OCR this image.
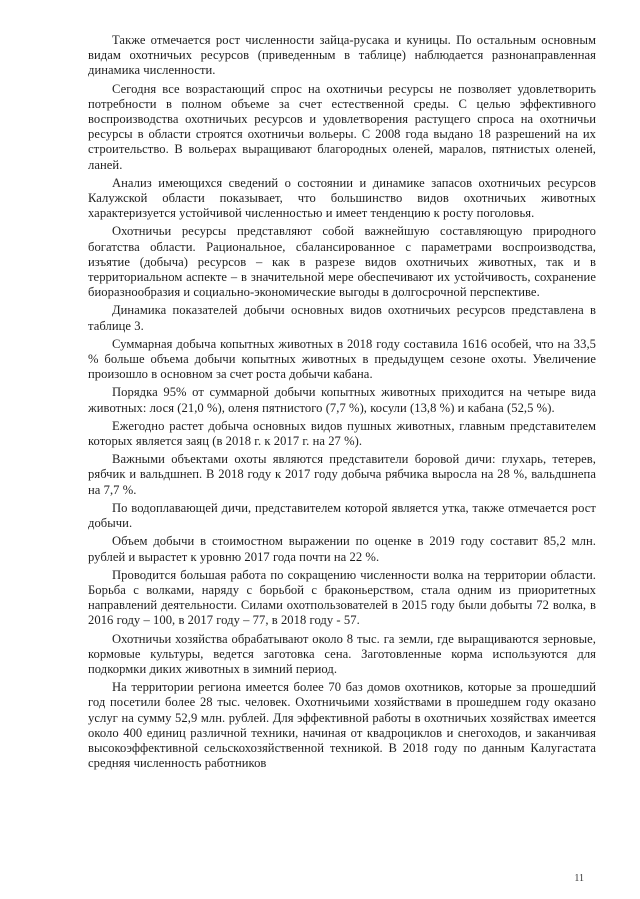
Также отмечается рост численности зайца-русака и куницы. По остальным основным видам охотничьих ресурсов (приведенным в таблице) наблюдается разнонаправленная динамика численности.

Сегодня все возрастающий спрос на охотничьи ресурсы не позволяет удовлетворить потребности в полном объеме за счет естественной среды. С целью эффективного воспроизводства охотничьих ресурсов и удовлетворения растущего спроса на охотничьи ресурсы в области строятся охотничьи вольеры. С 2008 года выдано 18 разрешений на их строительство. В вольерах выращивают благородных оленей, маралов, пятнистых оленей, ланей.

Анализ имеющихся сведений о состоянии и динамике запасов охотничьих ресурсов Калужской области показывает, что большинство видов охотничьих животных характеризуется устойчивой численностью и имеет тенденцию к росту поголовья.

Охотничьи ресурсы представляют собой важнейшую составляющую природного богатства области. Рациональное, сбалансированное с параметрами воспроизводства, изъятие (добыча) ресурсов – как в разрезе видов охотничьих животных, так и в территориальном аспекте – в значительной мере обеспечивают их устойчивость, сохранение биоразнообразия и социально-экономические выгоды в долгосрочной перспективе.

Динамика показателей добычи основных видов охотничьих ресурсов представлена в таблице 3.

Суммарная добыча копытных животных в 2018 году составила 1616 особей, что на 33,5 % больше объема добычи копытных животных в предыдущем сезоне охоты. Увеличение произошло в основном за счет роста добычи кабана.

Порядка 95% от суммарной добычи копытных животных приходится на четыре вида животных: лося (21,0 %), оленя пятнистого (7,7 %), косули (13,8 %) и кабана (52,5 %).

Ежегодно растет добыча основных видов пушных животных, главным представителем которых является заяц (в 2018 г. к 2017 г. на 27 %).

Важными объектами охоты являются представители боровой дичи: глухарь, тетерев, рябчик и вальдшнеп. В 2018 году к 2017 году добыча рябчика выросла на 28 %, вальдшнепа на 7,7 %.

По водоплавающей дичи, представителем которой является утка, также отмечается рост добычи.

Объем добычи в стоимостном выражении по оценке в 2019 году составит 85,2 млн. рублей и вырастет к уровню 2017 года почти на 22 %.

Проводится большая работа по сокращению численности волка на территории области. Борьба с волками, наряду с борьбой с браконьерством, стала одним из приоритетных направлений деятельности. Силами охотпользователей в 2015 году были добыты 72 волка, в 2016 году – 100, в 2017 году – 77, в 2018 году - 57.

Охотничьи хозяйства обрабатывают около 8 тыс. га земли, где выращиваются зерновые, кормовые культуры, ведется заготовка сена. Заготовленные корма используются для подкормки диких животных в зимний период.

На территории региона имеется более 70 баз домов охотников, которые за прошедший год посетили более 28 тыс. человек. Охотничьими хозяйствами в прошедшем году оказано услуг на сумму 52,9 млн. рублей. Для эффективной работы в охотничьих хозяйствах имеется около 400 единиц различной техники, начиная от квадроциклов и снегоходов, и заканчивая высокоэффективной сельскохозяйственной техникой. В 2018 году по данным Калугастата средняя численность работников

11
